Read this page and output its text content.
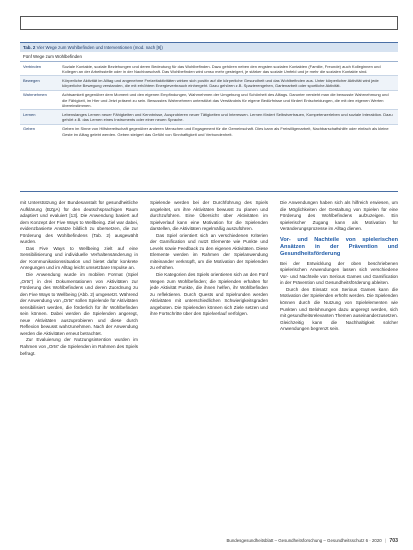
Tab. 2 Vier Wege zum Wohlbefinden und Interventionen (mod. nach [9])
Fünf Wege zum Wohlbefinden
Verbinden	Soziale Kontakte, soziale Beziehungen und deren Bedeutung für das Wohlbefinden. Dazu gehören neben den engsten sozialen Kontakten (Familie, Freunde) auch Kolleginnen und Kollegen an der Arbeitsstelle oder in der Nachbarschaft. Das Wohlbefinden wird umso mehr gesteigert, je stärker das soziale Umfeld und je mehr die sozialen Kontakte sind.
Bewegen	Körperliche Aktivität im Alltag und angenehme Freizeitaktivitäten wirken sich positiv auf die körperliche Gesundheit und das Wohlbefinden aus. Unter körperlicher Aktivität wird jede körperliche Bewegung verstanden, die mit erhöhtem Energieverbrauch einhergeht. Dazu gehören z.B. Spazierengehen, Gartenarbeit oder sportliche Aktivität.
Wahrnehmen	Achtsamkeit gegenüber dem Moment und den eigenen Empfindungen, Wahrnehmen der Umgebung und Schönheit des Alltags. Darunter versteht man die bewusste Wahrnehmung und die Fähigkeit, im Hier und Jetzt präsent zu sein. Bewusstes Wahrnehmen unterstützt das Verständnis für eigene Bedürfnisse und fördert Entscheidungen, die mit den eigenen Werten übereinstimmen.
Lernen	Lebenslanges Lernen neuer Fähigkeiten und Kenntnisse, Ausprobieren neuer Tätigkeiten und Interessen. Lernen fördert Selbstvertrauen, Kompetenzerleben und soziale Interaktion. Dazu gehört z.B. das Lernen eines Instruments oder einer neuen Sprache.
Geben	Geben im Sinne von Hilfsbereitschaft gegenüber anderen Menschen und Engagement für die Gemeinschaft. Dies kann als Freiwilligenarbeit, Nachbarschaftshilfe oder einfach als kleine Geste im Alltag gelebt werden. Geben steigert das Gefühl von Sinnhaftigkeit und Verbundenheit.

mit Unterstützung der Bundesanstalt für gesundheitliche Aufklärung (BZgA) für den deutschsprachigen Raum adaptiert und evaluiert [13]. Die Anwendung basiert auf dem Konzept der Five Ways to Wellbeing. Ziel war dabei, evidenzbasierte Ansätze bildlich zu übersetzen, die zur Förderung des Wohlbefindens (Tab. 2) ausgewählt wurden.

Das Five Ways to Wellbeing zielt auf eine Sensibilisierung und individuelle Verhaltensänderung in der Kommunikationssituation und bietet dafür konkrete Anregungen und im Alltag leicht umsetzbare Impulse an.

Die Anwendung wurde im mobilen Format (Spiel „Orts“) in drei Dokumentationen von Aktivitäten zur Förderung des Wohlbefindens und deren Zuordnung zu den Five Ways to Wellbeing (Abb. 2) umgesetzt. Während der Anwendung von „Orts“ sollen Spielende für Aktivitäten sensibilisiert werden, die förderlich für ihr Wohlbefinden sein können. Dabei werden die Spielenden angeregt, neue Aktivitäten auszuprobieren und diese durch Reflexion bewusst wahrzunehmen. Nach der Anwendung werden die Aktivitäten erneut betrachtet.

Zur Evaluierung der Nutzungsintention wurden im Rahmen von „Orts“ die Spielenden im Rahmen des Spiels befragt.

Spielende werden bei der Durchführung des Spiels angeleitet, um ihre Aktivitäten bewusst zu planen und durchzuführen. Eine Übersicht über Aktivitäten im Spielverlauf kann eine Motivation für die Spielenden darstellen, die Aktivitäten regelmäßig auszuführen.

Das Spiel orientiert sich an verschiedenen Kriterien der Gamification und nutzt Elemente wie Punkte und Levels sowie Feedback zu den eigenen Aktivitäten. Diese Elemente werden im Rahmen der Spielanwendung miteinander verknüpft, um die Motivation der Spielenden zu erhöhen.

Die Kategorien des Spiels orientieren sich an den Fünf Wegen zum Wohlbefinden; die Spielenden erhalten für jede Aktivität Punkte, die ihnen helfen, ihr Wohlbefinden zu reflektieren. Durch Quests und Spielrunden werden Aktivitäten mit unterschiedlichen Schwierigkeitsgraden angeboten. Die Spielenden können sich Ziele setzen und ihre Fortschritte über den Spielverlauf verfolgen.

Die Anwendungen haben sich als hilfreich erwiesen, um die Möglichkeiten der Gestaltung von Spielen für eine Förderung des Wohlbefindens aufzuzeigen. Ein spielerischer Zugang kann als Motivation für Veränderungsprozesse im Alltag dienen.

Vor- und Nachteile von spielerischen Ansätzen in der Prävention und Gesundheitsförderung

Bei der Entwicklung der oben beschriebenen spielerischen Anwendungen lassen sich verschiedene Vor- und Nachteile von Serious Games und Gamification in der Prävention und Gesundheitsförderung ableiten.

Durch den Einsatz von Serious Games kann die Motivation der Spielenden erhöht werden. Die Spielenden können durch die Nutzung von Spielelementen wie Punkten und Belohnungen dazu angeregt werden, sich mit gesundheitsrelevanten Themen auseinanderzusetzen. Gleichzeitig kann die Nachhaltigkeit solcher Anwendungen begrenzt sein.

Bundesgesundheitsblatt – Gesundheitsforschung – Gesundheitsschutz 6 · 2020 | 703
